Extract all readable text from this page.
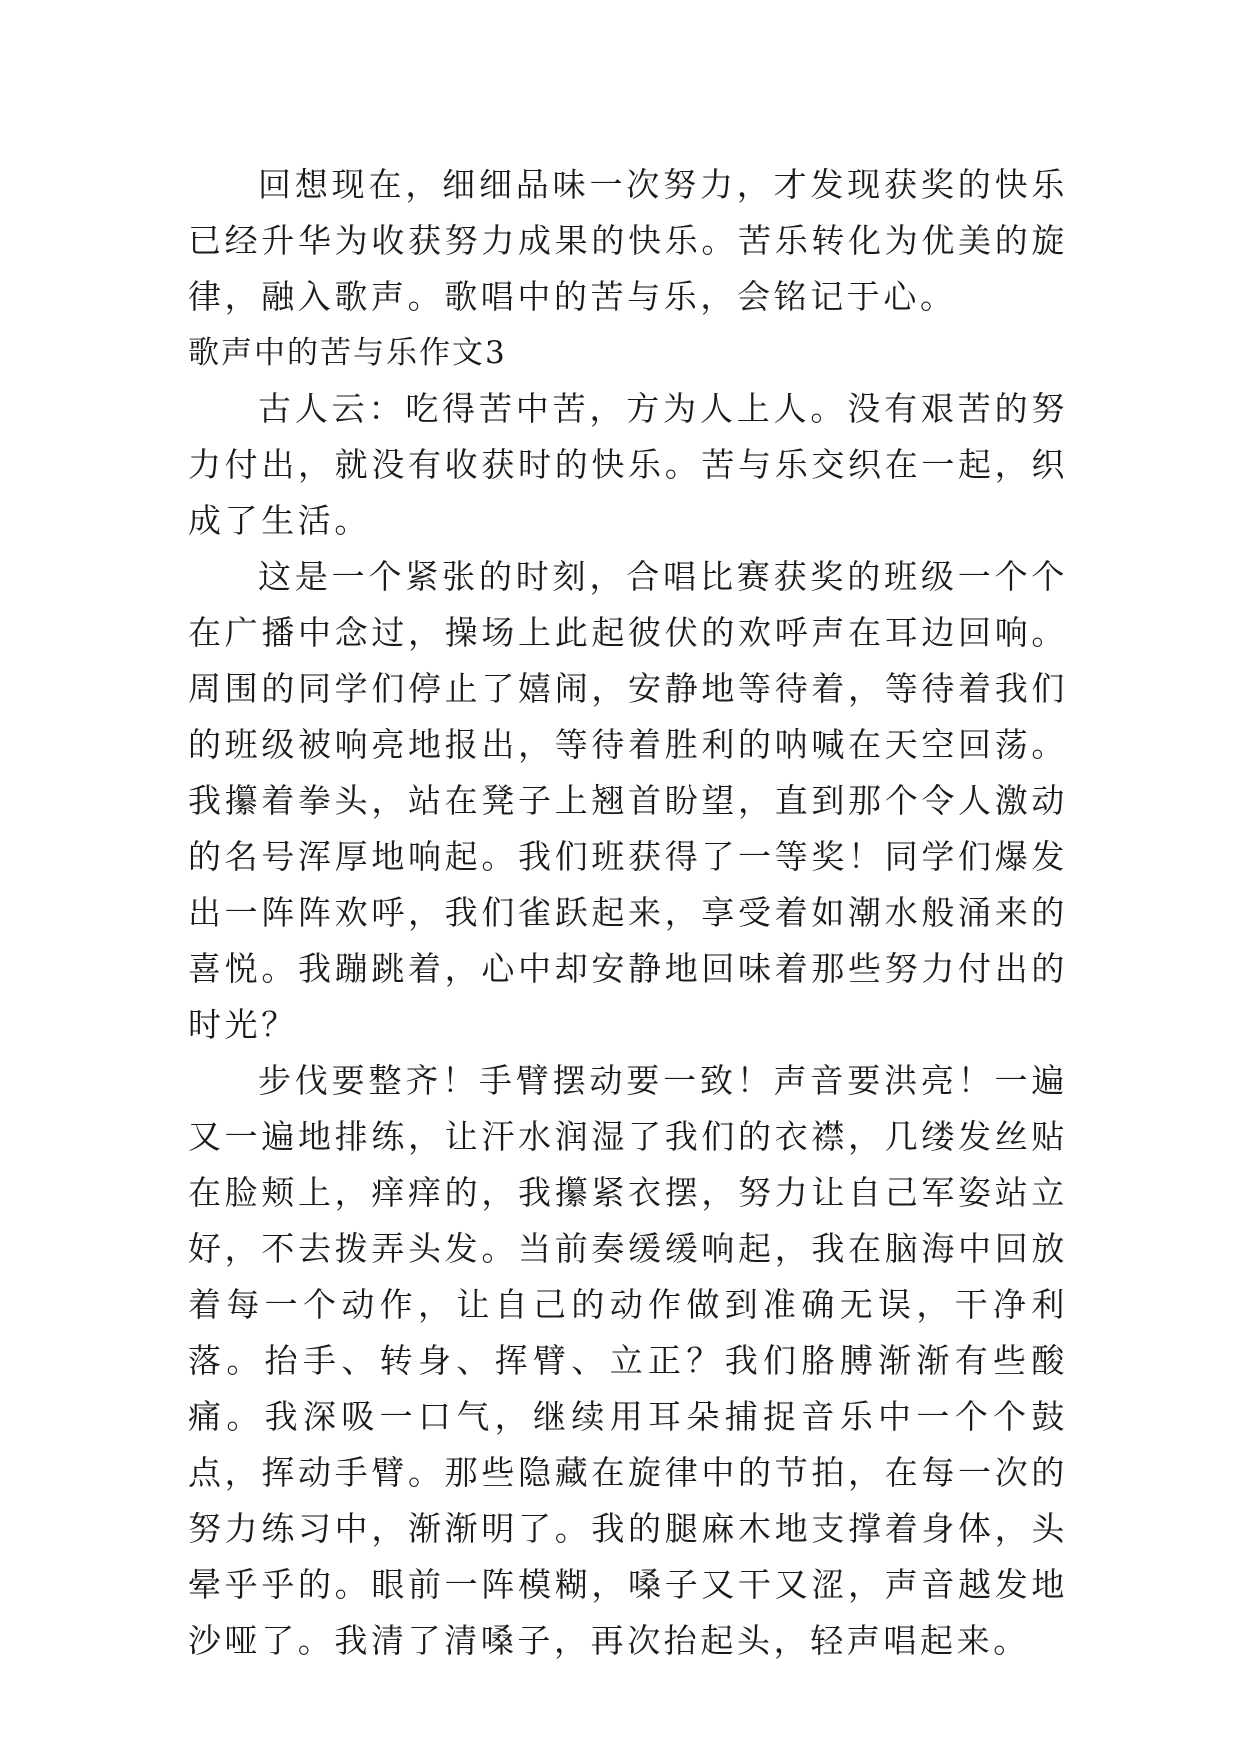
回想现在，细细品味一次努力，才发现获奖的快乐已经升华为收获努力成果的快乐。苦乐转化为优美的旋律，融入歌声。歌唱中的苦与乐，会铭记于心。

歌声中的苦与乐作文3

古人云：吃得苦中苦，方为人上人。没有艰苦的努力付出，就没有收获时的快乐。苦与乐交织在一起，织成了生活。

这是一个紧张的时刻，合唱比赛获奖的班级一个个在广播中念过，操场上此起彼伏的欢呼声在耳边回响。周围的同学们停止了嬉闹，安静地等待着，等待着我们的班级被响亮地报出，等待着胜利的呐喊在天空回荡。我攥着拳头，站在凳子上翘首盼望，直到那个令人激动的名号浑厚地响起。我们班获得了一等奖！同学们爆发出一阵阵欢呼，我们雀跃起来，享受着如潮水般涌来的喜悦。我蹦跳着，心中却安静地回味着那些努力付出的时光？

步伐要整齐！手臂摆动要一致！声音要洪亮！一遍又一遍地排练，让汗水润湿了我们的衣襟，几缕发丝贴在脸颊上，痒痒的，我攥紧衣摆，努力让自己军姿站立好，不去拨弄头发。当前奏缓缓响起，我在脑海中回放着每一个动作，让自己的动作做到准确无误，干净利落。抬手、转身、挥臂、立正？我们胳膊渐渐有些酸痛。我深吸一口气，继续用耳朵捕捉音乐中一个个鼓点，挥动手臂。那些隐藏在旋律中的节拍，在每一次的努力练习中，渐渐明了。我的腿麻木地支撑着身体，头晕乎乎的。眼前一阵模糊，嗓子又干又涩，声音越发地沙哑了。我清了清嗓子，再次抬起头，轻声唱起来。
